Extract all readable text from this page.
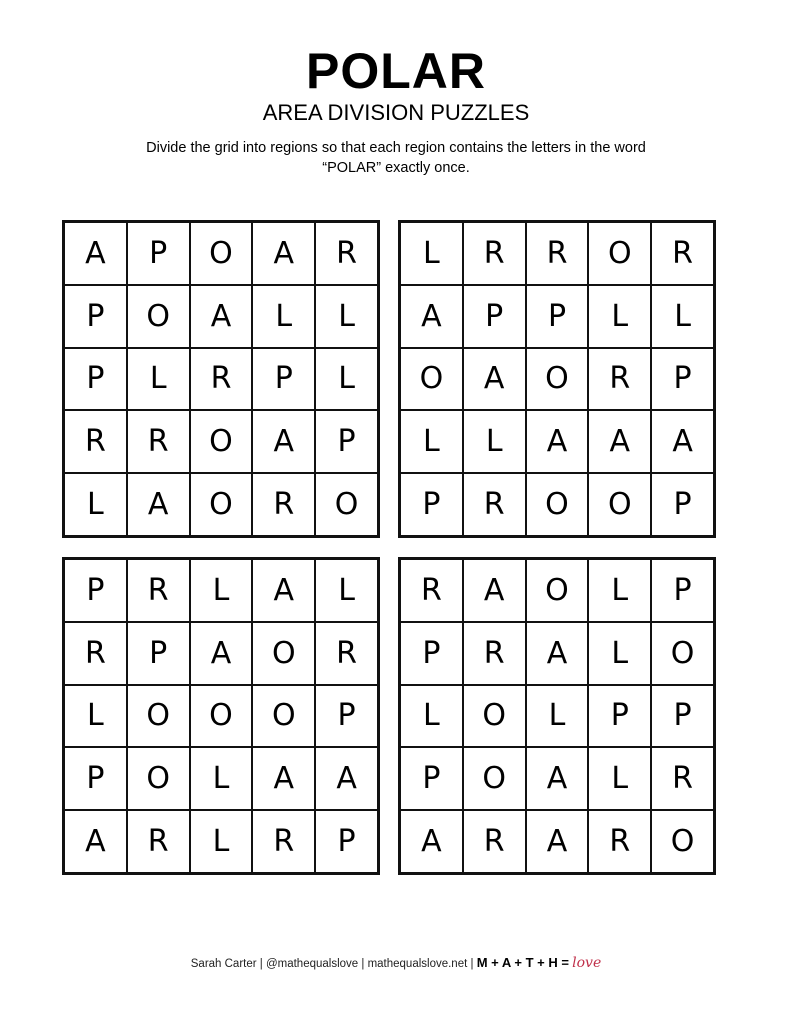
POLAR
AREA DIVISION PUZZLES
Divide the grid into regions so that each region contains the letters in the word “POLAR” exactly once.
A	P	O	A	R
P	O	A	L	L
P	L	R	P	L
R	R	O	A	P
L	A	O	R	O
L	R	R	O	R
A	P	P	L	L
O	A	O	R	P
L	L	A	A	A
P	R	O	O	P
P	R	L	A	L
R	P	A	O	R
L	O	O	O	P
P	O	L	A	A
A	R	L	R	P
R	A	O	L	P
P	R	A	L	O
L	O	L	P	P
P	O	A	L	R
A	R	A	R	O
Sarah Carter | @mathequalslove | mathequalslove.net | M + A + T + H = love
